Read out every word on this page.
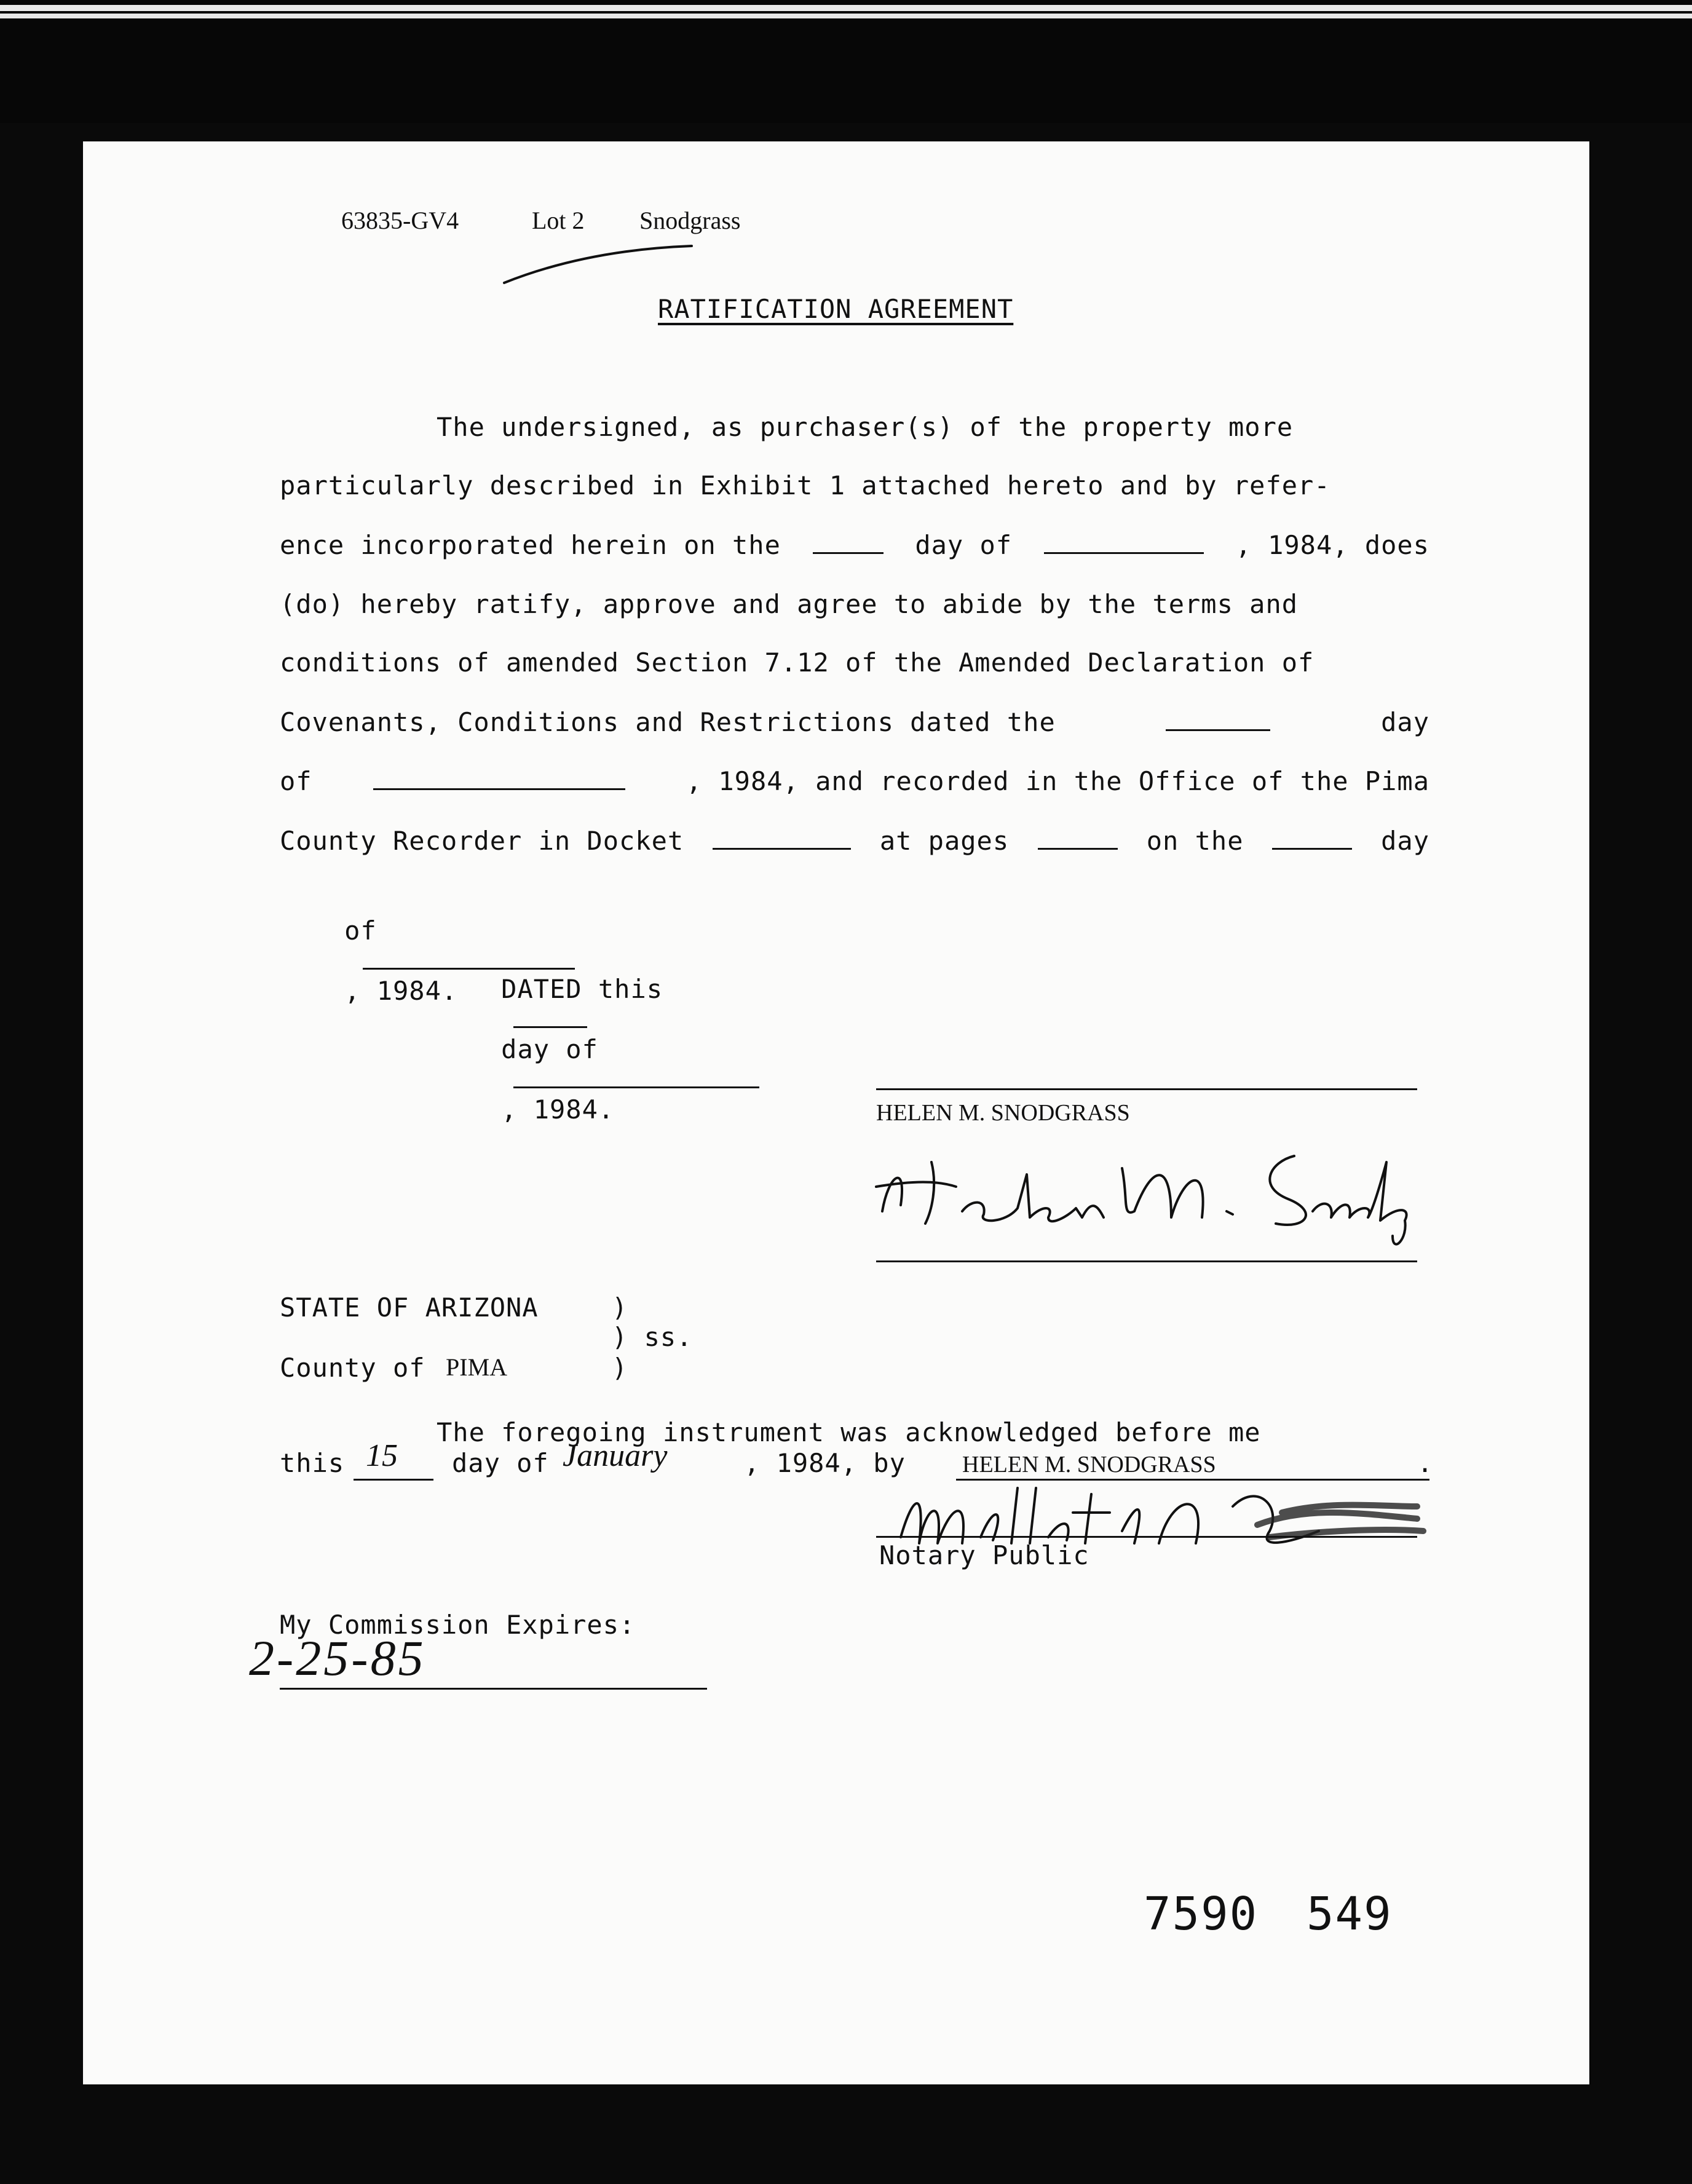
63835-GV4	Lot 2 Snodgrass
RATIFICATION AGREEMENT
The undersigned, as purchaser(s) of the property more
particularly described in Exhibit 1 attached hereto and by refer-
ence incorporated herein on the	day of	, 1984, does
(do) hereby ratify, approve and agree to abide by the terms and
conditions of amended Section 7.12 of the Amended Declaration of
Covenants, Conditions and Restrictions dated the	day
of	, 1984, and recorded in the Office of the Pima
County Recorder in Docket	at pages	on the	day

of

, 1984.
	DATED this

day of

, 1984.
	HELEN M. SNODGRASS
STATE OF ARIZONA	)
) ss.
County of PIMA	)
The foregoing instrument was acknowledged before me
this 15 day of January	, 1984, by HELEN M. SNODGRASS	.
Notary Public
My Commission Expires:
2-25-85
7590 549
